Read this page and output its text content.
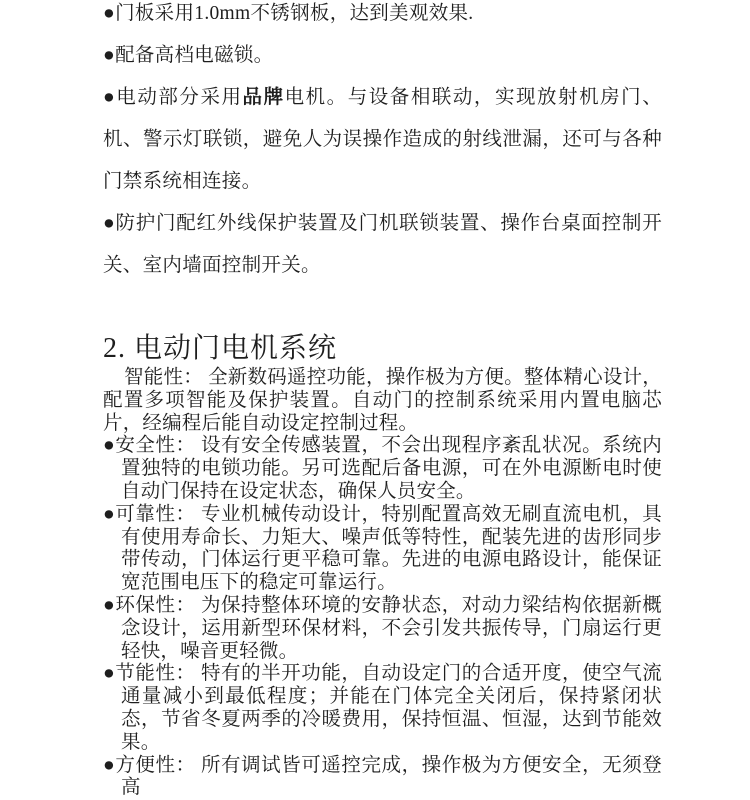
●门板采用1.0mm不锈钢板，达到美观效果.

●配备高档电磁锁。

●电动部分采用品牌电机。与设备相联动，实现放射机房门、机、警示灯联锁，避免人为误操作造成的射线泄漏，还可与各种门禁系统相连接。

●防护门配红外线保护装置及门机联锁装置、操作台桌面控制开关、室内墙面控制开关。

2. 电动门电机系统

智能性： 全新数码遥控功能，操作极为方便。整体精心设计，配置多项智能及保护装置。自动门的控制系统采用内置电脑芯片，经编程后能自动设定控制过程。

●安全性： 设有安全传感装置，不会出现程序紊乱状况。系统内置独特的电锁功能。另可选配后备电源，可在外电源断电时使自动门保持在设定状态，确保人员安全。

●可靠性： 专业机械传动设计，特别配置高效无刷直流电机，具有使用寿命长、力矩大、噪声低等特性，配装先进的齿形同步带传动，门体运行更平稳可靠。先进的电源电路设计，能保证宽范围电压下的稳定可靠运行。

●环保性： 为保持整体环境的安静状态，对动力梁结构依据新概念设计，运用新型环保材料，不会引发共振传导，门扇运行更轻快，噪音更轻微。

●节能性： 特有的半开功能，自动设定门的合适开度，使空气流通量减小到最低程度；并能在门体完全关闭后，保持紧闭状态，节省冬夏两季的冷暖费用，保持恒温、恒湿，达到节能效果。

●方便性： 所有调试皆可遥控完成，操作极为方便安全，无须登高
